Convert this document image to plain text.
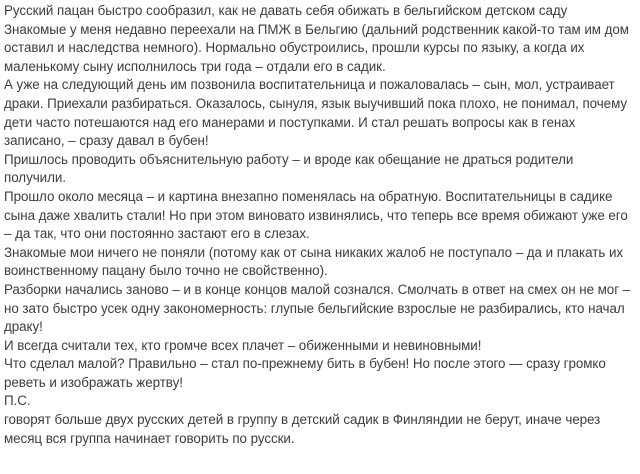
Русский пацан быстро сообразил, как не давать себя обижать в бельгийском детском саду

Знакомые у меня недавно переехали на ПМЖ в Бельгию (дальний родственник какой-то там им дом оставил и наследства немного). Нормально обустроились, прошли курсы по языку, а когда их маленькому сыну исполнилось три года – отдали его в садик.

А уже на следующий день им позвонила воспитательница и пожаловалась – сын, мол, устраивает драки. Приехали разбираться. Оказалось, сынуля, язык выучивший пока плохо, не понимал, почему дети часто потешаются над его манерами и поступками. И стал решать вопросы как в генах записано, – сразу давал в бубен!

Пришлось проводить объяснительную работу – и вроде как обещание не драться родители получили.

Прошло около месяца – и картина внезапно поменялась на обратную. Воспитательницы в садике сына даже хвалить стали! Но при этом виновато извинялись, что теперь все время обижают уже его – да так, что они постоянно застают его в слезах.

Знакомые мои ничего не поняли (потому как от сына никаких жалоб не поступало – да и плакать их воинственному пацану было точно не свойственно).

Разборки начались заново – и в конце концов малой сознался. Смолчать в ответ на смех он не мог – но зато быстро усек одну закономерность: глупые бельгийские взрослые не разбирались, кто начал драку!

И всегда считали тех, кто громче всех плачет – обиженными и невиновными!

Что сделал малой? Правильно – стал по-прежнему бить в бубен! Но после этого — сразу громко реветь и изображать жертву!

П.С.

говорят больше двух русских детей в группу в детский садик в Финляндии не берут, иначе через месяц вся группа начинает говорить по русски.
